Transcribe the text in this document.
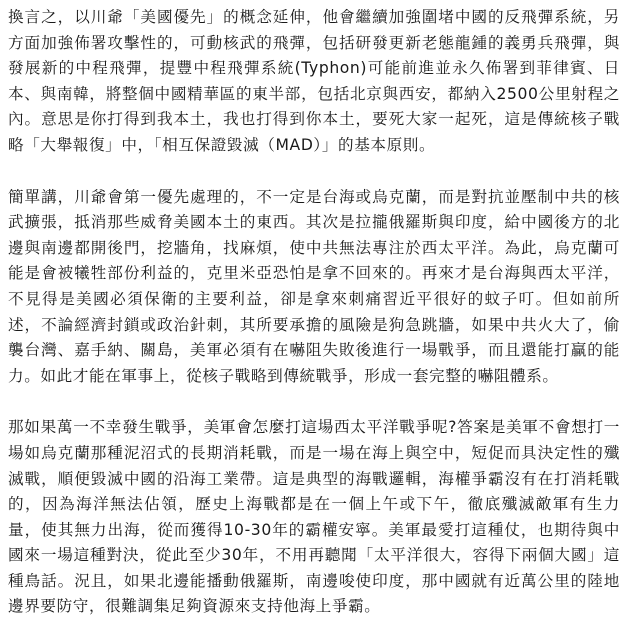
換言之，以川爺「美國優先」的概念延伸，他會繼續加強圍堵中國的反飛彈系統，另方面加強佈署攻擊性的，可動核武的飛彈，包括研發更新老態龍鍾的義勇兵飛彈，與發展新的中程飛彈，提豐中程飛彈系統(Typhon)可能前進並永久佈署到菲律賓、日本、與南韓，將整個中國精華區的東半部，包括北京與西安，都納入2500公里射程之內。意思是你打得到我本土，我也打得到你本土，要死大家一起死，這是傳統核子戰略「大舉報復」中，「相互保證毀滅（MAD）」的基本原則。

簡單講，川爺會第一優先處理的，不一定是台海或烏克蘭，而是對抗並壓制中共的核武擴張，抵消那些威脅美國本土的東西。其次是拉攏俄羅斯與印度，給中國後方的北邊與南邊都開後門，挖牆角，找麻煩，使中共無法專注於西太平洋。為此，烏克蘭可能是會被犧牲部份利益的，克里米亞恐怕是拿不回來的。再來才是台海與西太平洋，不見得是美國必須保衛的主要利益，卻是拿來刺痛習近平很好的蚊子叮。但如前所述，不論經濟封鎖或政治針刺，其所要承擔的風險是狗急跳牆，如果中共火大了，偷襲台灣、嘉手納、關島，美軍必須有在嚇阻失敗後進行一場戰爭，而且還能打贏的能力。如此才能在軍事上，從核子戰略到傳統戰爭，形成一套完整的嚇阻體系。

那如果萬一不幸發生戰爭，美軍會怎麼打這場西太平洋戰爭呢?答案是美軍不會想打一場如烏克蘭那種泥沼式的長期消耗戰，而是一場在海上與空中，短促而具決定性的殲滅戰，順便毀滅中國的沿海工業帶。這是典型的海戰邏輯，海權爭霸沒有在打消耗戰的，因為海洋無法佔領，歷史上海戰都是在一個上午或下午，徹底殲滅敵軍有生力量，使其無力出海，從而獲得10-30年的霸權安寧。美軍最愛打這種仗，也期待與中國來一場這種對決，從此至少30年，不用再聽聞「太平洋很大，容得下兩個大國」這種鳥話。況且，如果北邊能播動俄羅斯，南邊唆使印度，那中國就有近萬公里的陸地邊界要防守，很難調集足夠資源來支持他海上爭霸。
